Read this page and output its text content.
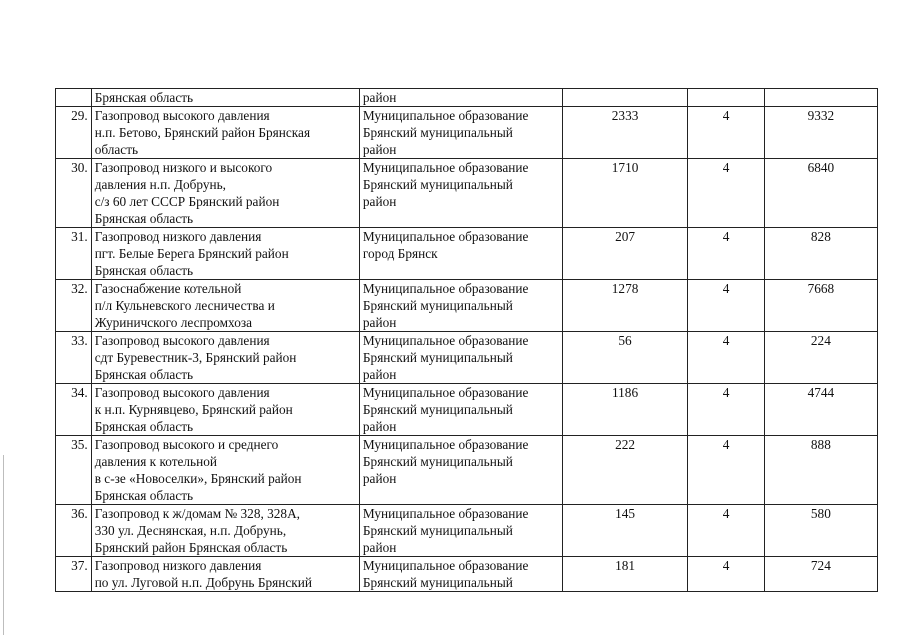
	Брянская область	район			

29.	Газопровод высокого давления
н.п. Бетово, Брянский район Брянская
область	Муниципальное образование
Брянский муниципальный
район	2333	4	9332
30.	Газопровод низкого и высокого
давления н.п. Добрунь,
с/з 60 лет СССР Брянский район
Брянская область	Муниципальное образование
Брянский муниципальный
район	1710	4	6840
31.	Газопровод низкого давления
пгт. Белые Берега Брянский район
Брянская область	Муниципальное образование
город Брянск	207	4	828
32.	Газоснабжение котельной
п/л Кульневского лесничества и
Журиничского леспромхоза	Муниципальное образование
Брянский муниципальный
район	1278	4	7668
33.	Газопровод высокого давления
сдт Буревестник-3, Брянский район
Брянская область	Муниципальное образование
Брянский муниципальный
район	56	4	224
34.	Газопровод высокого давления
к н.п. Курнявцево, Брянский район
Брянская область	Муниципальное образование
Брянский муниципальный
район	1186	4	4744
35.	Газопровод высокого и среднего
давления к котельной
в с-зе «Новоселки», Брянский район
Брянская область	Муниципальное образование
Брянский муниципальный
район	222	4	888
36.	Газопровод к ж/домам № 328, 328А,
330 ул. Деснянская, н.п. Добрунь,
Брянский район Брянская область	Муниципальное образование
Брянский муниципальный
район	145	4	580
37.	Газопровод низкого давления
по ул. Луговой н.п. Добрунь Брянский	Муниципальное образование
Брянский муниципальный	181	4	724
